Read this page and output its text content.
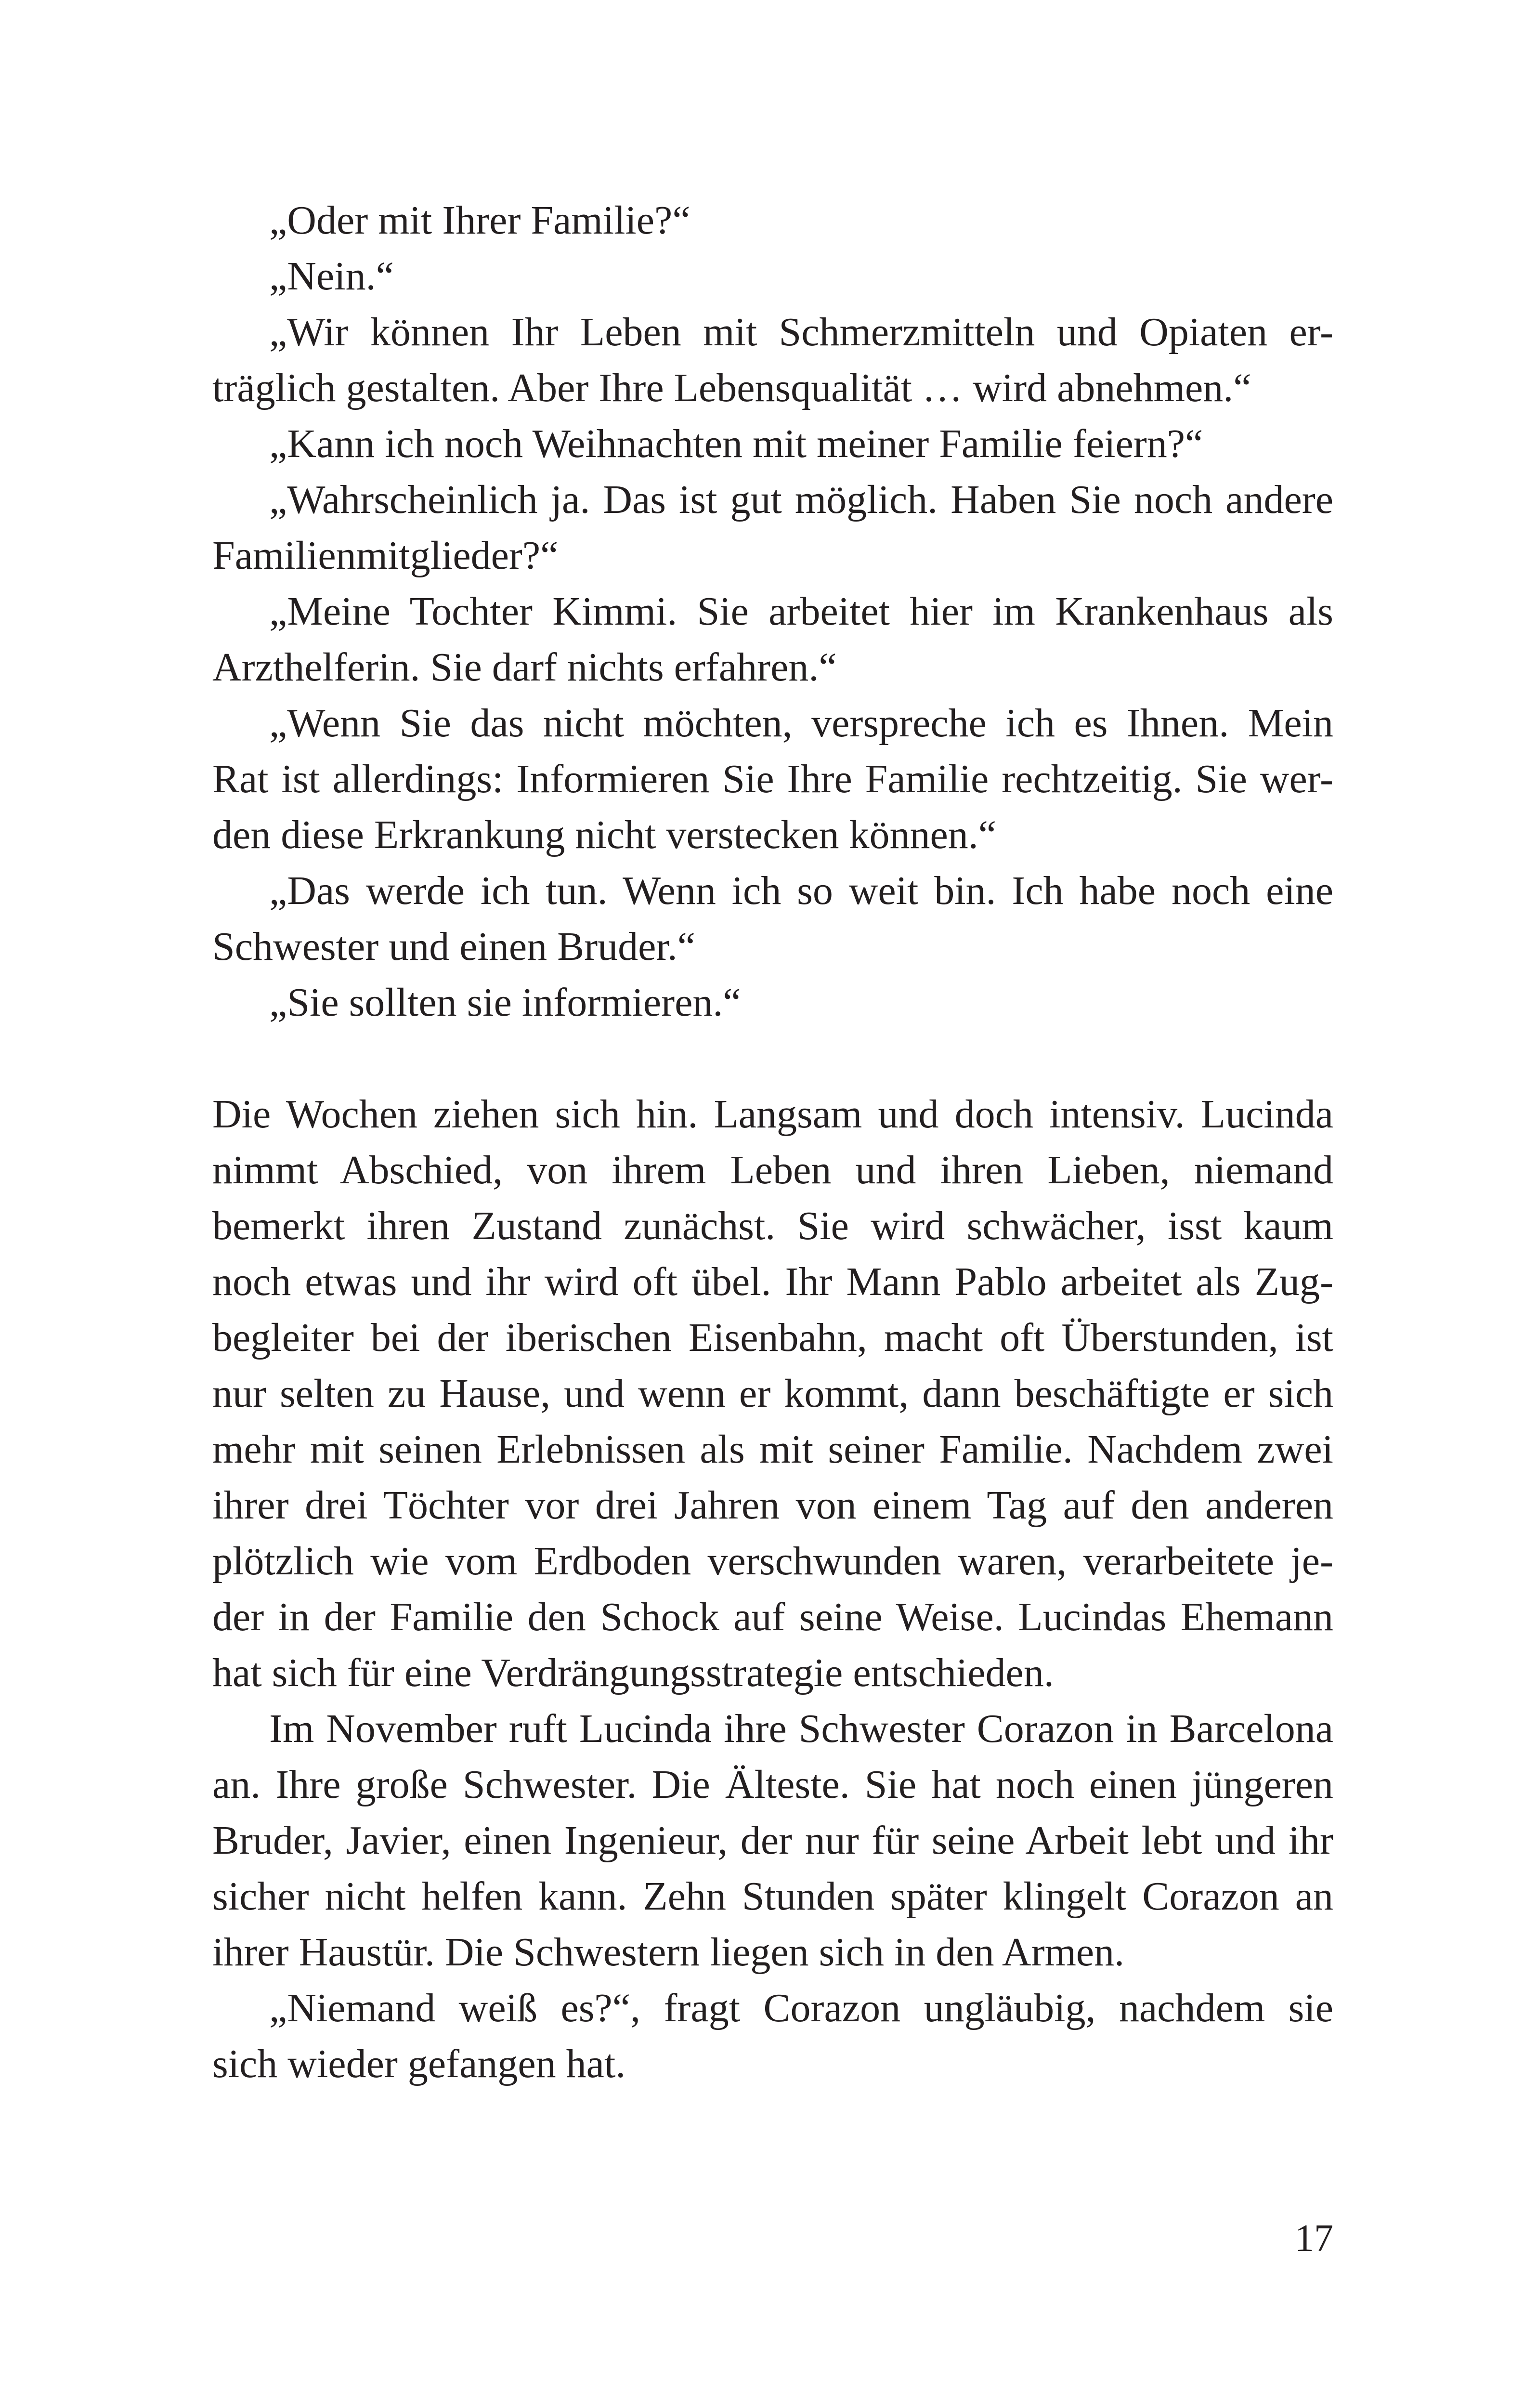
„Oder mit Ihrer Familie?“
„Nein.“
„Wir können Ihr Leben mit Schmerzmitteln und Opiaten er-
träglich gestalten. Aber Ihre Lebensqualität … wird abnehmen.“
„Kann ich noch Weihnachten mit meiner Familie feiern?“
„Wahrscheinlich ja. Das ist gut möglich. Haben Sie noch andere
Familienmitglieder?“
„Meine Tochter Kimmi. Sie arbeitet hier im Krankenhaus als
Arzthelferin. Sie darf nichts erfahren.“
„Wenn Sie das nicht möchten, verspreche ich es Ihnen. Mein
Rat ist allerdings: Informieren Sie Ihre Familie rechtzeitig. Sie wer-
den diese Erkrankung nicht verstecken können.“
„Das werde ich tun. Wenn ich so weit bin. Ich habe noch eine
Schwester und einen Bruder.“
„Sie sollten sie informieren.“
Die Wochen ziehen sich hin. Langsam und doch intensiv. Lucinda
nimmt Abschied, von ihrem Leben und ihren Lieben, niemand
bemerkt ihren Zustand zunächst. Sie wird schwächer, isst kaum
noch etwas und ihr wird oft übel. Ihr Mann Pablo arbeitet als Zug-
begleiter bei der iberischen Eisenbahn, macht oft Überstunden, ist
nur selten zu Hause, und wenn er kommt, dann beschäftigte er sich
mehr mit seinen Erlebnissen als mit seiner Familie. Nachdem zwei
ihrer drei Töchter vor drei Jahren von einem Tag auf den anderen
plötzlich wie vom Erdboden verschwunden waren, verarbeitete je-
der in der Familie den Schock auf seine Weise. Lucindas Ehemann
hat sich für eine Verdrängungsstrategie entschieden.
Im November ruft Lucinda ihre Schwester Corazon in Barcelona
an. Ihre große Schwester. Die Älteste. Sie hat noch einen jüngeren
Bruder, Javier, einen Ingenieur, der nur für seine Arbeit lebt und ihr
sicher nicht helfen kann. Zehn Stunden später klingelt Corazon an
ihrer Haustür. Die Schwestern liegen sich in den Armen.
„Niemand weiß es?“, fragt Corazon ungläubig, nachdem sie
sich wieder gefangen hat.
17
